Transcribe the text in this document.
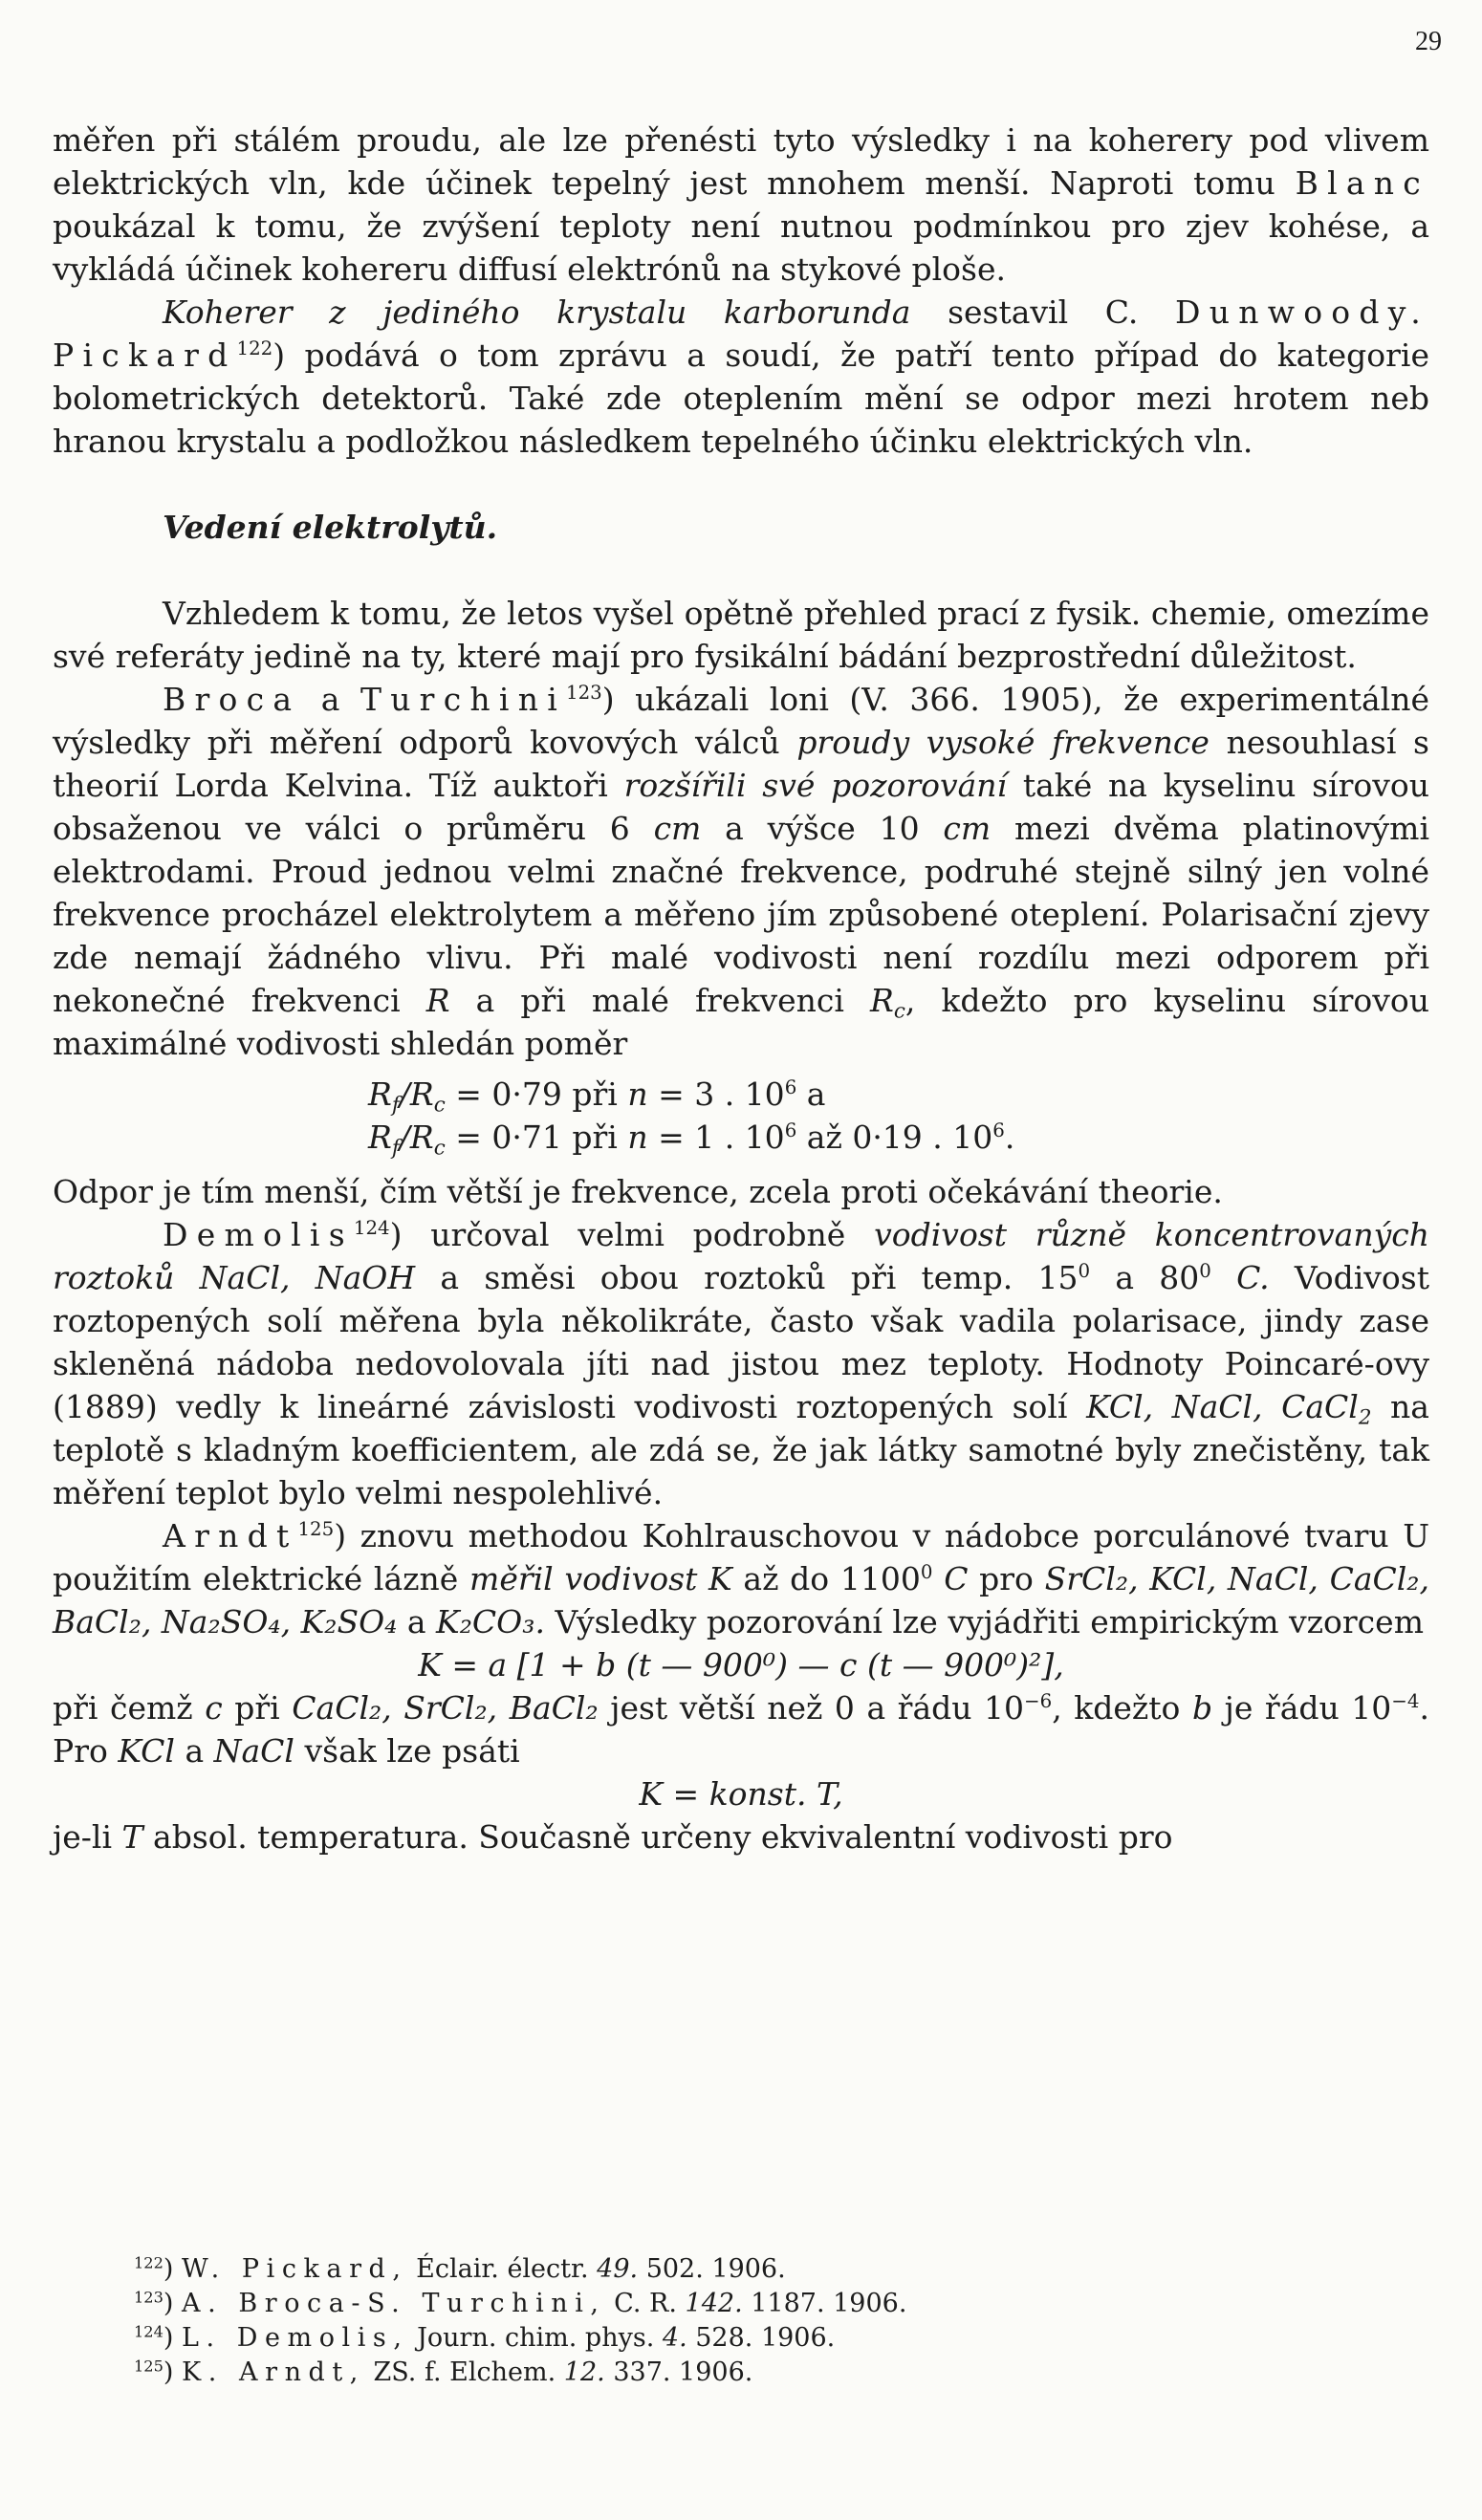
29

měřen při stálém proudu, ale lze přenésti tyto výsledky i na koherery pod vlivem elektrických vln, kde účinek tepelný jest mnohem menší. Naproti tomu Blanc poukázal k tomu, že zvýšení teploty není nutnou podmínkou pro zjev kohése, a vykládá účinek kohereru diffusí elektrónů na stykové ploše.

Koherer z jediného krystalu karborunda sestavil C. Dunwoody. Pickard$^{122}$) podává o tom zprávu a soudí, že patří tento případ do kategorie bolometrických detektorů. Také zde oteplením mění se odpor mezi hrotem neb hranou krystalu a podložkou následkem tepelného účinku elektrických vln.

Vedení elektrolytů.

Vzhledem k tomu, že letos vyšel opětně přehled prací z fysik. chemie, omezíme své referáty jedině na ty, které mají pro fysikální bádání bezprostřední důležitost.

Broca a Turchini$^{123}$) ukázali loni (V. 366. 1905), že experimentálné výsledky při měření odporů kovových válců proudy vysoké frekvence nesouhlasí s theorií Lorda Kelvina. Tíž auktoři rozšířili své pozorování také na kyselinu sírovou obsaženou ve válci o průměru 6 cm a výšce 10 cm mezi dvěma platinovými elektrodami. Proud jednou velmi značné frekvence, podruhé stejně silný jen volné frekvence procházel elektrolytem a měřeno jím způsobené oteplení. Polarisační zjevy zde nemají žádného vlivu. Při malé vodivosti není rozdílu mezi odporem při nekonečné frekvenci R a při malé frekvenci $R_c$, kdežto pro kyselinu sírovou maximálné vodivosti shledán poměr

$R_f/R_c = 0\cdot 79$ při n = 3 . $10^6$ a
$R_f/R_c = 0\cdot 71$ při n = 1 . $10^6$ až 0·19 . $10^6$.

Odpor je tím menší, čím větší je frekvence, zcela proti očekávání theorie.

Demolis$^{124}$) určoval velmi podrobně vodivost různě koncentrovaných roztoků NaCl, NaOH a směsi obou roztoků při temp. $15^0$ a $80^0$ C. Vodivost roztopených solí měřena byla několikráte, často však vadila polarisace, jindy zase skleněná nádoba nedovolovala jíti nad jistou mez teploty. Hodnoty Poincaré-ovy (1889) vedly k lineárné závislosti vodivosti roztopených solí KCl, NaCl, CaCl$_2$ na teplotě s kladným koefficientem, ale zdá se, že jak látky samotné byly znečistěny, tak měření teplot bylo velmi nespolehlivé.

Arndt$^{125}$) znovu methodou Kohlrauschovou v nádobce porculánové tvaru U použitím elektrické lázně měřil vodivost K až do 1100$^0$ C pro SrCl₂, KCl, NaCl, CaCl₂, BaCl₂, Na₂SO₄, K₂SO₄ a K₂CO₃. Výsledky pozorování lze vyjádřiti empirickým vzorcem

K = a [1 + b (t — 900⁰) — c (t — 900⁰)²],

při čemž c při CaCl₂, SrCl₂, BaCl₂ jest větší než 0 a řádu $10^{-6}$, kdežto b je řádu $10^{-4}$. Pro KCl a NaCl však lze psáti

K = konst. T,

je-li T absol. temperatura. Současně určeny ekvivalentní vodivosti pro

$^{122}$) W. Pickard, Éclair. électr. 49. 502. 1906.
$^{123}$) A. Broca-S. Turchini, C. R. 142. 1187. 1906.
$^{124}$) L. Demolis, Journ. chim. phys. 4. 528. 1906.
$^{125}$) K. Arndt, ZS. f. Elchem. 12. 337. 1906.
